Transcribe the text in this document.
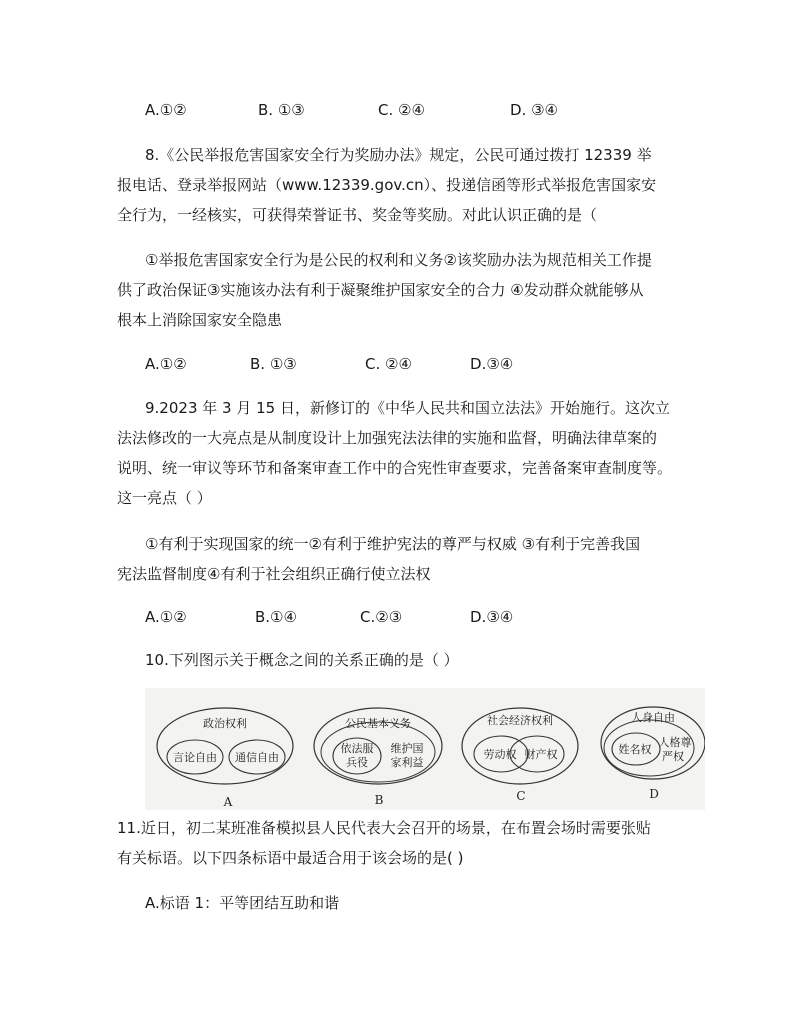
A.①②	B. ①③	C. ②④	D. ③④
8.《公民举报危害国家安全行为奖励办法》规定，公民可通过拨打 12339 举
报电话、登录举报网站（www.12339.gov.cn）、投递信函等形式举报危害国家安
全行为，一经核实，可获得荣誉证书、奖金等奖励。对此认识正确的是（
①举报危害国家安全行为是公民的权利和义务②该奖励办法为规范相关工作提
供了政治保证③实施该办法有利于凝聚维护国家安全的合力 ④发动群众就能够从
根本上消除国家安全隐患
A.①②	B. ①③	C. ②④	D.③④
9.2023 年 3 月 15 日，新修订的《中华人民共和国立法法》开始施行。这次立
法法修改的一大亮点是从制度设计上加强宪法法律的实施和监督，明确法律草案的
说明、统一审议等环节和备案审查工作中的合宪性审查要求，完善备案审查制度等。
这一亮点（ ）
①有利于实现国家的统一②有利于维护宪法的尊严与权威 ③有利于完善我国
宪法监督制度④有利于社会组织正确行使立法权
A.①②	B.①④	C.②③	D.③④
10.下列图示关于概念之间的关系正确的是（ ）
政治权利
言论自由 通信自由
A
公民基本义务
依法服
兵役
维护国
家利益
B
社会经济权利
劳动权 财产权
C
人身自由
姓名权
人格尊
严权
D
11.近日，初二某班准备模拟县人民代表大会召开的场景，在布置会场时需要张贴
有关标语。以下四条标语中最适合用于该会场的是( )
A.标语 1：平等团结互助和谐
